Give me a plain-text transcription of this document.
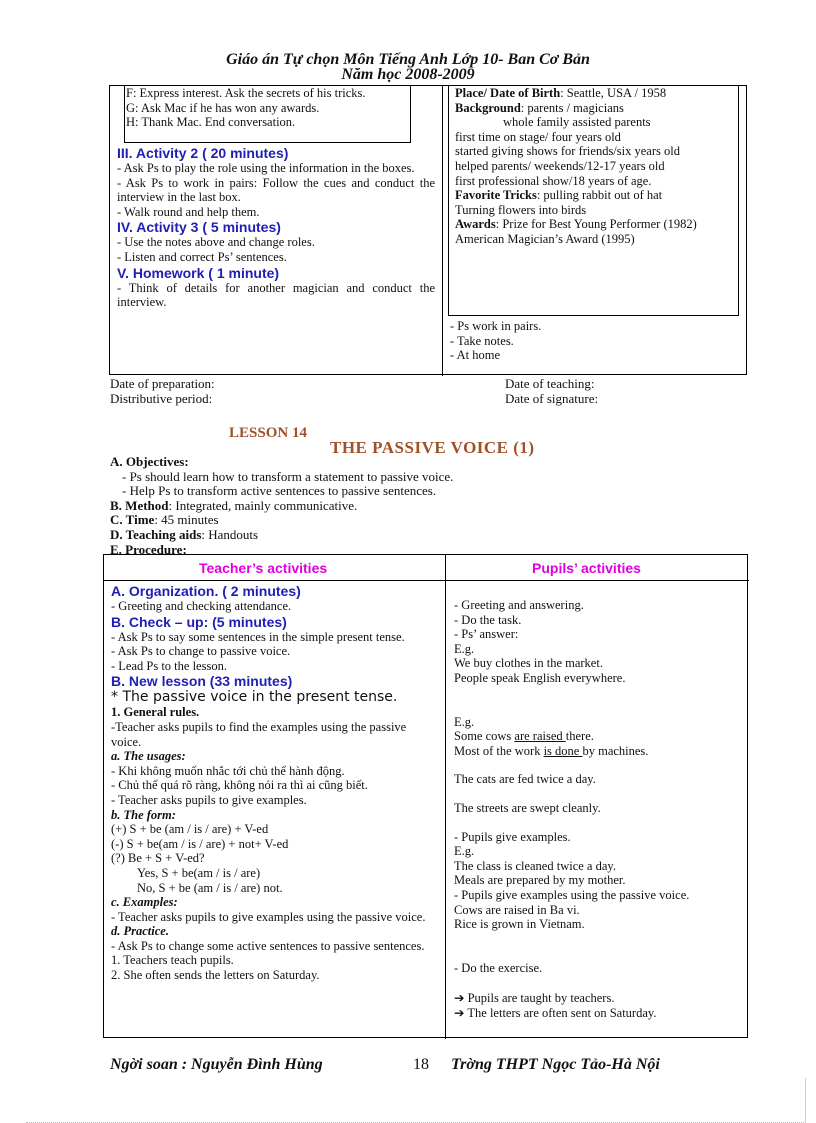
Giáo án Tự chọn Môn Tiếng Anh Lớp 10- Ban Cơ Bản
Năm học 2008-2009

F: Express interest. Ask the secrets of his tricks.

G: Ask Mac if he has won any awards.

H: Thank Mac. End conversation.

III. Activity 2 ( 20 minutes)

- Ask Ps to play the role using the information in the boxes.

- Ask Ps to work in pairs: Follow the cues and conduct the interview in the last box.

- Walk round and help them.

IV. Activity 3 ( 5 minutes)

- Use the notes above and change roles.

- Listen and correct Ps’ sentences.

V. Homework ( 1 minute)

- Think of details for another magician and conduct the interview.

Place/ Date of Birth: Seattle, USA / 1958

Background: parents / magicians

whole family assisted parents

first time on stage/ four years old

started giving shows for friends/six years old

helped parents/ weekends/12-17 years old

first professional show/18 years of age.

Favorite Tricks: pulling rabbit out of hat

Turning flowers into birds

Awards: Prize for Best Young Performer (1982)

American Magician’s Award (1995)

- Ps work in pairs.

- Take notes.

- At home

Date of preparation:
Distributive period:
Date of teaching:
Date of signature:
LESSON 14
THE PASSIVE VOICE (1)

A. Objectives:

- Ps should learn how to transform a statement to passive voice.

- Help Ps to transform active sentences to passive sentences.

B. Method: Integrated, mainly communicative.

C. Time: 45 minutes

D. Teaching aids: Handouts

E. Procedure:

Teacher’s activities	Pupils’ activities

A. Organization. ( 2 minutes)

- Greeting and checking attendance.

B. Check – up: (5 minutes)

- Ask Ps to say some sentences in the simple present tense.

- Ask Ps to change to passive voice.

- Lead Ps to the lesson.

B. New lesson (33 minutes)

* The passive voice in the present tense.

1. General rules.

-Teacher asks pupils to find the examples using the passive voice.

a. The usages:

- Khi không muốn nhắc tới chủ thể hành động.

- Chủ thể quá rõ ràng, không nói ra thì ai cũng biết.

- Teacher asks pupils to give examples.

b. The form:

(+) S + be (am / is / are) + V-ed

(-) S + be(am / is / are) + not+ V-ed

(?) Be + S + V-ed?

Yes, S + be(am / is / are)

No, S + be (am / is / are) not.

c. Examples:

- Teacher asks pupils to give examples using the passive voice.

d. Practice.

- Ask Ps to change some active sentences to passive sentences.

1. Teachers teach pupils.

2. She often sends the letters on Saturday.

- Greeting and answering.

- Do the task.

- Ps’ answer:

E.g.

We buy clothes in the market.

People speak English everywhere.

E.g.

Some cows are raised there.

Most of the work is done by machines.

The cats are fed twice a day.

The streets are swept cleanly.

- Pupils give examples.

E.g.

The class is cleaned twice a day.

Meals are prepared by my mother.

- Pupils give examples using the passive voice.

Cows are raised in Ba vi.

Rice is grown in Vietnam.

- Do the exercise.

➔ Pupils are taught by teachers.

➔ The letters are often sent on Saturday.

Ngời soan : Nguyễn Đình Hùng	18 Trờng THPT Ngọc Tảo-Hà Nội
